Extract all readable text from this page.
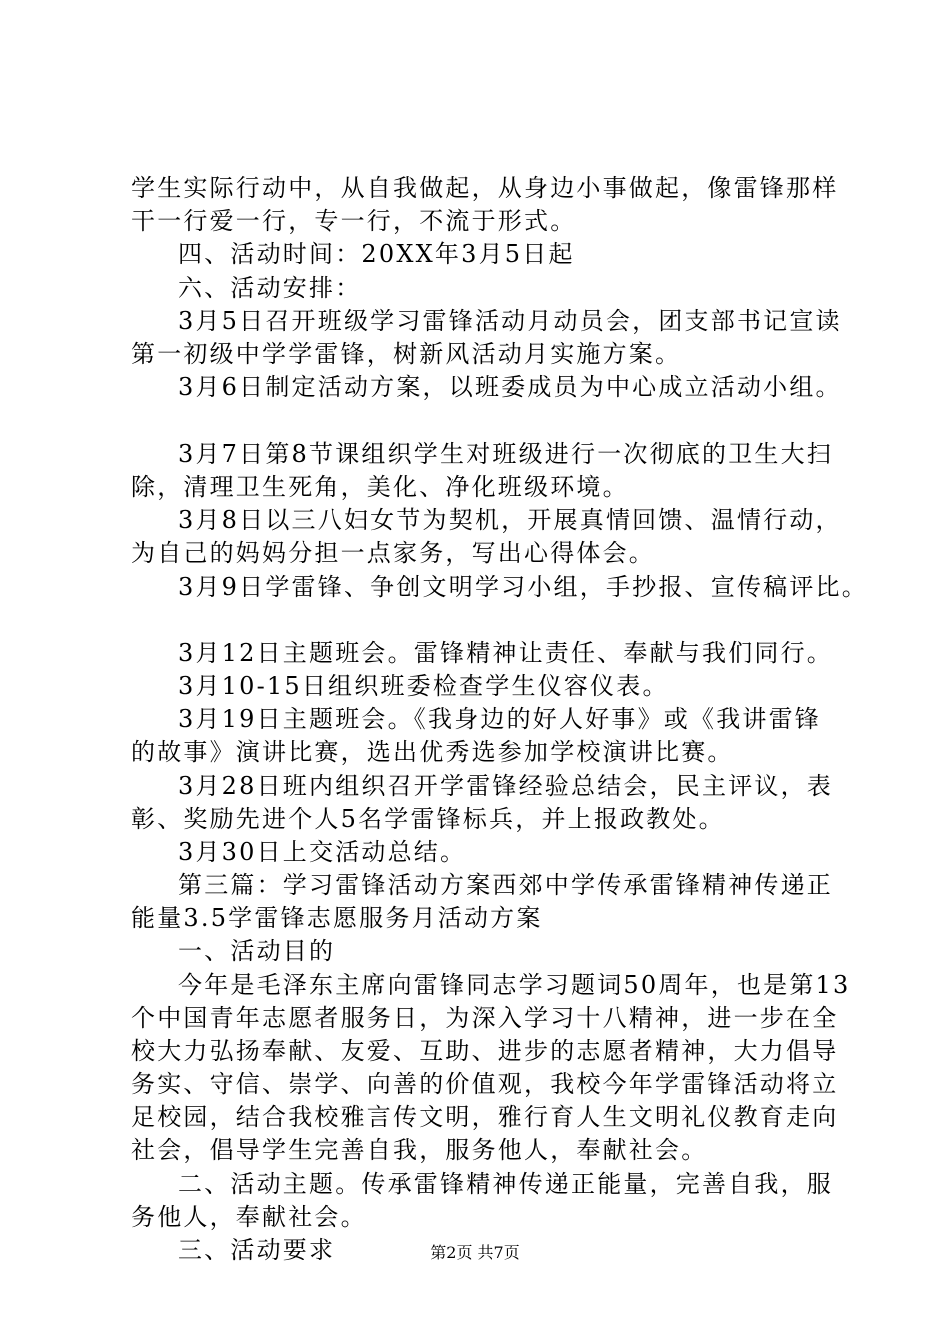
学生实际行动中，从自我做起，从身边小事做起，像雷锋那样
干一行爱一行，专一行，不流于形式。
四、活动时间：20XX年3月5日起
六、活动安排：
3月5日召开班级学习雷锋活动月动员会，团支部书记宣读
第一初级中学学雷锋，树新风活动月实施方案。
3月6日制定活动方案，以班委成员为中心成立活动小组。
3月7日第8节课组织学生对班级进行一次彻底的卫生大扫
除，清理卫生死角，美化、净化班级环境。
3月8日以三八妇女节为契机，开展真情回馈、温情行动，
为自己的妈妈分担一点家务，写出心得体会。
3月9日学雷锋、争创文明学习小组，手抄报、宣传稿评比。
3月12日主题班会。雷锋精神让责任、奉献与我们同行。
3月10-15日组织班委检查学生仪容仪表。
3月19日主题班会。《我身边的好人好事》或《我讲雷锋
的故事》演讲比赛，选出优秀选参加学校演讲比赛。
3月28日班内组织召开学雷锋经验总结会，民主评议，表
彰、奖励先进个人5名学雷锋标兵，并上报政教处。
3月30日上交活动总结。
第三篇：学习雷锋活动方案西郊中学传承雷锋精神传递正
能量3.5学雷锋志愿服务月活动方案
一、活动目的
今年是毛泽东主席向雷锋同志学习题词50周年，也是第13
个中国青年志愿者服务日，为深入学习十八精神，进一步在全
校大力弘扬奉献、友爱、互助、进步的志愿者精神，大力倡导
务实、守信、崇学、向善的价值观，我校今年学雷锋活动将立
足校园，结合我校雅言传文明，雅行育人生文明礼仪教育走向
社会，倡导学生完善自我，服务他人，奉献社会。
二、活动主题。传承雷锋精神传递正能量，完善自我，服
务他人，奉献社会。
三、活动要求	第2页 共7页
